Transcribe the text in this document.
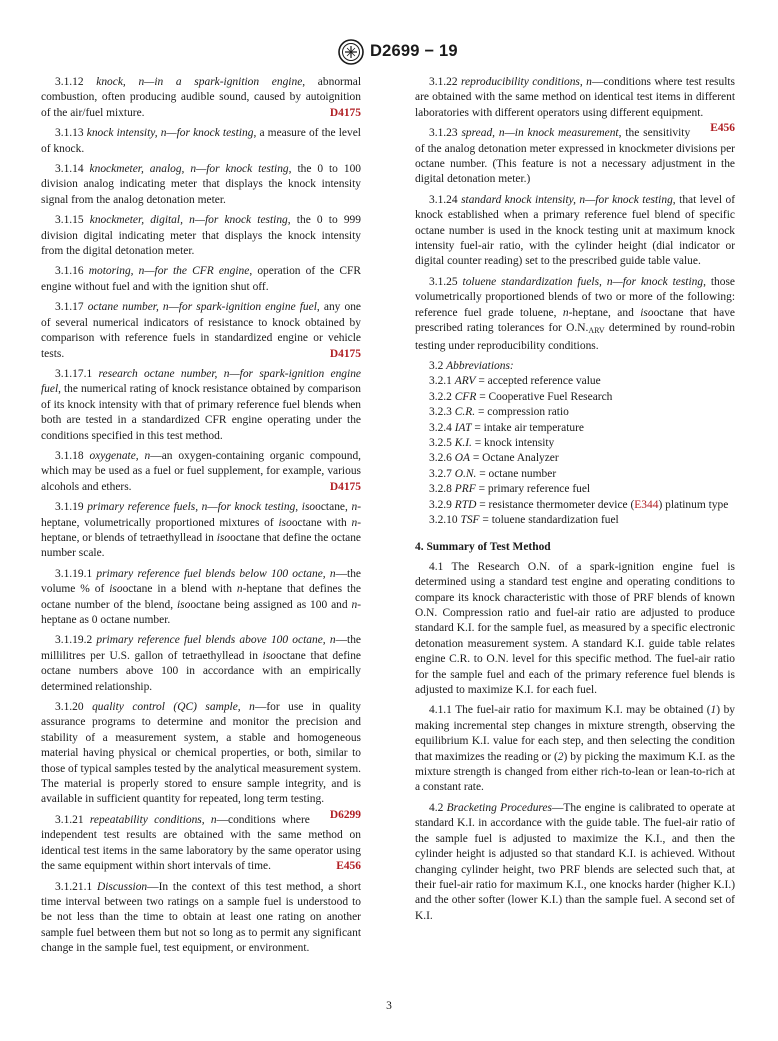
D2699 − 19

3.1.12 knock, n—in a spark-ignition engine, abnormal combustion, often producing audible sound, caused by autoignition of the air/fuel mixture.	D4175

3.1.13 knock intensity, n—for knock testing, a measure of the level of knock.

3.1.14 knockmeter, analog, n—for knock testing, the 0 to 100 division analog indicating meter that displays the knock intensity signal from the analog detonation meter.

3.1.15 knockmeter, digital, n—for knock testing, the 0 to 999 division digital indicating meter that displays the knock intensity from the digital detonation meter.

3.1.16 motoring, n—for the CFR engine, operation of the CFR engine without fuel and with the ignition shut off.

3.1.17 octane number, n—for spark-ignition engine fuel, any one of several numerical indicators of resistance to knock obtained by comparison with reference fuels in standardized engine or vehicle tests.	D4175

3.1.17.1 research octane number, n—for spark-ignition engine fuel, the numerical rating of knock resistance obtained by comparison of its knock intensity with that of primary reference fuel blends when both are tested in a standardized CFR engine operating under the conditions specified in this test method.

3.1.18 oxygenate, n—an oxygen-containing organic compound, which may be used as a fuel or fuel supplement, for example, various alcohols and ethers.	D4175

3.1.19 primary reference fuels, n—for knock testing, isooctane, n-heptane, volumetrically proportioned mixtures of isooctane with n-heptane, or blends of tetraethyllead in isooctane that define the octane number scale.

3.1.19.1 primary reference fuel blends below 100 octane, n—the volume % of isooctane in a blend with n-heptane that defines the octane number of the blend, isooctane being assigned as 100 and n-heptane as 0 octane number.

3.1.19.2 primary reference fuel blends above 100 octane, n—the millilitres per U.S. gallon of tetraethyllead in isooctane that define octane numbers above 100 in accordance with an empirically determined relationship.

3.1.20 quality control (QC) sample, n—for use in quality assurance programs to determine and monitor the precision and stability of a measurement system, a stable and homogeneous material having physical or chemical properties, or both, similar to those of typical samples tested by the analytical measurement system. The material is properly stored to ensure sample integrity, and is available in sufficient quantity for repeated, long term testing.
D6299

3.1.21 repeatability conditions, n—conditions where independent test results are obtained with the same method on identical test items in the same laboratory by the same operator using the same equipment within short intervals of time.	E456

3.1.21.1 Discussion—In the context of this test method, a short time interval between two ratings on a sample fuel is understood to be not less than the time to obtain at least one rating on another sample fuel between them but not so long as to permit any significant change in the sample fuel, test equipment, or environment.

3.1.22 reproducibility conditions, n—conditions where test results are obtained with the same method on identical test items in different laboratories with different operators using different equipment.
E456

3.1.23 spread, n—in knock measurement, the sensitivity of the analog detonation meter expressed in knockmeter divisions per octane number. (This feature is not a necessary adjustment in the digital detonation meter.)

3.1.24 standard knock intensity, n—for knock testing, that level of knock established when a primary reference fuel blend of specific octane number is used in the knock testing unit at maximum knock intensity fuel-air ratio, with the cylinder height (dial indicator or digital counter reading) set to the prescribed guide table value.

3.1.25 toluene standardization fuels, n—for knock testing, those volumetrically proportioned blends of two or more of the following: reference fuel grade toluene, n-heptane, and isooctane that have prescribed rating tolerances for $O.N._{ARV}$ determined by round-robin testing under reproducibility conditions.

3.2 Abbreviations:

3.2.1 ARV = accepted reference value

3.2.2 CFR = Cooperative Fuel Research

3.2.3 C.R. = compression ratio

3.2.4 IAT = intake air temperature

3.2.5 K.I. = knock intensity

3.2.6 OA = Octane Analyzer

3.2.7 O.N. = octane number

3.2.8 PRF = primary reference fuel

3.2.9 RTD = resistance thermometer device (E344) platinum type

3.2.10 TSF = toluene standardization fuel

4. Summary of Test Method

4.1 The Research O.N. of a spark-ignition engine fuel is determined using a standard test engine and operating conditions to compare its knock characteristic with those of PRF blends of known O.N. Compression ratio and fuel-air ratio are adjusted to produce standard K.I. for the sample fuel, as measured by a specific electronic detonation measurement system. A standard K.I. guide table relates engine C.R. to O.N. level for this specific method. The fuel-air ratio for the sample fuel and each of the primary reference fuel blends is adjusted to maximize K.I. for each fuel.

4.1.1 The fuel-air ratio for maximum K.I. may be obtained (1) by making incremental step changes in mixture strength, observing the equilibrium K.I. value for each step, and then selecting the condition that maximizes the reading or (2) by picking the maximum K.I. as the mixture strength is changed from either rich-to-lean or lean-to-rich at a constant rate.

4.2 Bracketing Procedures—The engine is calibrated to operate at standard K.I. in accordance with the guide table. The fuel-air ratio of the sample fuel is adjusted to maximize the K.I., and then the cylinder height is adjusted so that standard K.I. is achieved. Without changing cylinder height, two PRF blends are selected such that, at their fuel-air ratio for maximum K.I., one knocks harder (higher K.I.) and the other softer (lower K.I.) than the sample fuel. A second set of K.I.

3
